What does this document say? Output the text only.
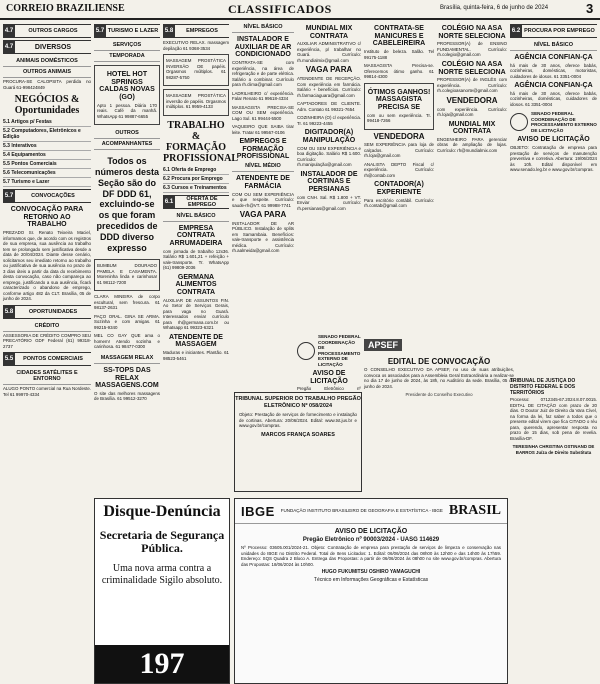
CORREIO BRAZILIENSE	CLASSIFICADOS	Brasília, quinta-feira, 6 de junho de 2024	3
4.7	OUTROS CARGOS
4.7	DIVERSOS
ANIMAIS DOMÉSTICOS
OUTROS ANIMAIS
PROCURA-SE CALOPSITA perdida no Guará 61-998424849
NEGÓCIOS & Oportunidades
5.1 Artigos p/ Festas
5.2 Computadores, Eletrônicos e Edição
5.3 Interativos
5.4 Equipamentos
5.5 Pontos Comerciais
5.6 Telecomunicações
5.7 Turismo e Lazer
5.7	CONVOCAÇÕES
CONVOCAÇÃO PARA RETORNO AO TRABALHO
PREZADO Sr. Renato Teixeira Maciel, informamos que, de acordo com os registros de sua empresa, sua ausência ao trabalho tem se prolongado sem justificativa desde a data de 20/04/2024. Diante desse cenário, solicitamos seu imediato retorno ao trabalho ou justificativa de sua ausência no prazo de 3 dias úteis a partir da data do recebimento desta convocação, caso não compareça ao emprego, justificando a sua ausência, ficará caracterizado o abandono de emprego, conforme artigo 482 da CLT. Brasília, 05 de junho de 2024.
5.8	OPORTUNIDADES
CRÉDITO
ASSESSORIA DE CRÉDITO COMPRO SEU PRECATÓRIO GDF Federal (61) 99318-2737
5.5	PONTOS COMERCIAIS
CIDADES SATÉLITES E ENTORNO
ALUGO PONTO comercial na Rua Nordeste. Tel 61 99970-4334
5.7 TURISMO E LAZER
SERVIÇOS
TEMPORADA
HOTEL HOT SPRINGS CALDAS NOVAS (GO)
Apto 1 pessoa. Diária 170 reais. Café da manhã. WhatsApp 61 99887-6655
OUTROS
ACOMPANHANTES
Todos os números desta Seção são do DF DDD 61, excluindo-se os que foram precedidos de DDD diverso expresso
BUMBUM DOURADO PAMELA E CASAMENTA. Moreninha linda e carinhosa! 61 98112-7200
CLARA MINEIRA de corpo escultural, sem frescura. 61 98137-2631
PAÇO ORAL. GINA SE ARMA. Sozinha e com amigas. 61 99215-9340
MEL CO GAY QUE ama o homem! Atendo sozinha e carinhosa. 61 98477-0300
MASSAGEM RELAX
SS-TOPS DAS RELAX MASSAGENS.COM
O site das melhores massagens de Brasília. 61 99512-3270
5.8	EMPREGOS
EXECUTIVO RELAX. massagem depilação 61 9368-3534
MASSAGEM PROSTÁTICA INVERSÃO DE papéis. Orgasmos múltiplos. 61 98287-5750
MASSAGEM PROSTÁTICA inversão de papéis. Orgasmos múltiplos. 61 9959-4133
TRABALHO & FORMAÇÃO PROFISSIONAL
6.1 Oferta de Emprego
6.2 Procura por Emprego
6.3 Cursos e Treinamentos
6.1	OFERTA DE EMPREGO
NÍVEL BÁSICO
EMPRESA CONTRATA ARRUMADEIRA
com jornada de trabalho 12x36. Salário R$ 1.601,21 + refeição + vale-transporte. Tr. WhatsApp (61) 99809-2036
GERMANA ALIMENTOS CONTRATA
AUXILIAR DE ASSUNTOS FIN. Ao Setor de Serviços Gerais, para vaga no Guará. Interessados enviar currículo para rh@germana.com.br ou Whatsapp 61 99323-6321
ATENDENTE DE MASSAGEM
Maduras e iniciantes. Plantão. 61 98523-5461
NÍVEL BÁSICO
INSTALADOR E AUXILIAR DE AR CONDICIONADO
CONTRATA-SE com experiência, na área de refrigeração e de parte elétrica. Salário a combinar. Currículo para rh.clima@gmail.com
LADRILHEIRO c/ experiência. Falar Renato 61 99618-4334
MASSAGISTA PRECISA-SE COM OU SEM experiência. Lago Sul. 61 99444-5500
VAQUEIRO QUE SAIBA tirar leite. Tratar 61 99567-0106
EMPREGOS E FORMAÇÃO PROFISSIONAL
NÍVEL MÉDIO
ATENDENTE DE FARMÁCIA
COM OU SEM EXPERIÊNCIA e que respeite. Currículo: saude-rh@VT. 61 99988-7741
VAGA PARA
INSTALADOR DE AR PÚBLICO. Instalação de splits em Samambaia. Benefícios: vale-transporte e assistência médica. Currículo: rh.aalmeida@gmail.com
MUNDIAL MIX CONTRATA
AUXILIAR ADMINISTRATIVO c/ experiência, p/ trabalhar no Guará. Currículo: rh.mundialmix@gmail.com
VAGA PARA
ATENDENTE DE RECEPÇÃO. Com experiência em farmácia. Salário + benefícios. Currículo: rh.farmaciaguara@gmail.com
CAPTADORES DE CLIENTE. Adm. Contato 61 99321-7654
COZINHEIRA (O) c/ experiência. Tr. 61 99223-4455
DIGITADOR(A) MANIPULAÇÃO
COM OU SEM EXPERIÊNCIA e boa digitação. Salário R$ 1.600. Currículo: rh.manipulação@gmail.com
INSTALADOR DE CORTINAS E PERSIANAS
com CNH. Sal. R$ 1.800 + VT. Enviar currículo: rh.persianas@gmail.com
CONTRATA-SE MANICURES E CABELEIREIRA
Instituto de beleza. Salão. Tel 99175-1188
MASSAGISTA Precisa-se. Oferecemos ótimo ganho. 61 99814-4300
ÓTIMOS GANHOS! MASSAGISTA PRECISA SE
com ou sem experiência. Tr. 99418-7266
VENDEDORA
SEM EXPERIÊNCIA para loja de calçados. Currículo: rh.loja@gmail.com
ANALISTA DEPTO Fiscal c/ experiência. Currículo: rh@contab.com
CONTADOR(A) EXPERIENTE
Para escritório contábil. Currículo: rh.contab@gmail.com
COLÉGIO NA ASA NORTE SELECIONA
PROFESSOR(A) de ENSINO FUNDAMENTAL. Currículo: rh.colegio@gmail.com
COLÉGIO NA ASA NORTE SELECIONA
PROFESSOR(A) de INGLÊS com experiência. Currículo: rh.colegioasanorte@gmail.com
VENDEDORA
com experiência. Currículo: rh.loja@gmail.com
MUNDIAL MIX CONTRATA
ENGENHEIRO PARA gerenciar obras de ampliação de lojas. Currículo: rh@mundialmix.com
6.2 PROCURA POR EMPREGO
NÍVEL BÁSICO
AGÊNCIA CONFIAN-ÇA
há mais de 30 anos, oferece babás, cozinheiras, domésticas, motoristas, cuidadores de idosos. 61 3351-0004
AGÊNCIA CONFIAN-ÇA
há mais de 30 anos, oferece babás, cozinheiras, domésticas, cuidadores de idosos. 61 3351-0004
SENADO FEDERAL COORDENAÇÃO DE PROCESSAMENTO EXTERNO DE LICITAÇÃO
AVISO DE LICITAÇÃO
OBJETO: Contratação de empresa para prestação de serviços de manutenção preventiva e corretiva. Abertura: 19/06/2024 às 10h. Edital disponível em www.senado.leg.br e www.gov.br/compras.
SENADO FEDERAL COORDENAÇÃO DE PROCESSAMENTO EXTERNO DE LICITAÇÃO
AVISO DE LICITAÇÃO
Pregão Eletrônico nº
TRIBUNAL SUPERIOR DO TRABALHO PREGÃO ELETRÔNICO Nº 058/2024
Objeto: Prestação de serviços de fornecimento e instalação de cortinas. Abertura: 20/06/2024. Edital: www.tst.jus.br e www.gov.br/compras.
MARCOS FRANÇA SOARES
APSEF
EDITAL DE CONVOCAÇÃO
O CONSELHO EXECUTIVO DA APSEF, no uso de suas atribuições, convoca os associados para a Assembleia Geral Extraordinária a realizar-se no dia 17 de junho de 2024, às 18h, no Auditório da sede. Brasília, 05 de junho de 2024.
Presidente do Conselho Executivo
TRIBUNAL DE JUSTIÇA DO DISTRITO FEDERAL E DOS TERRITÓRIOS
Processo: 0712345-67.2024.8.07.0015. EDITAL DE CITAÇÃO com prazo de 20 dias. O Doutor Juiz de Direito da Vara Cível, na forma da lei, faz saber a todos que o presente edital virem que fica CITADO o réu para, querendo, apresentar resposta no prazo de 15 dias, sob pena de revelia. Brasília-DF.
TERESINHA CHRISTINA OSTINAND DE BARROS Juíza de Direito Substituta
Disque-Denúncia
Secretaria de Segurança Pública.
Uma nova arma contra a criminalidade Sigilo absoluto.
197
IBGE FUNDAÇÃO INSTITUTO BRASILEIRO DE GEOGRAFIA E ESTATÍSTICA - IBGE BRASIL
AVISO DE LICITAÇÃO
Pregão Eletrônico nº 90003/2024 - UASG 114629
Nº Processo: 03605.001/2024-21. Objeto: Contratação de empresa para prestação de serviços de limpeza e conservação nas unidades do IBGE no Distrito Federal. Total de Itens Licitados: 1. Edital: 06/06/2024 das 08h00 às 12h00 e das 14h00 às 17h59. Endereço: SQS Quadra 2 Bloco A. Entrega das Propostas: a partir de 06/06/2024 às 08h00 no site www.gov.br/compras. Abertura das Propostas: 18/06/2024 às 10h00.
HUGO FUKUMITSU OSHIRO YAMAGUCHI
Técnico em Informações Geográficas e Estatísticas
